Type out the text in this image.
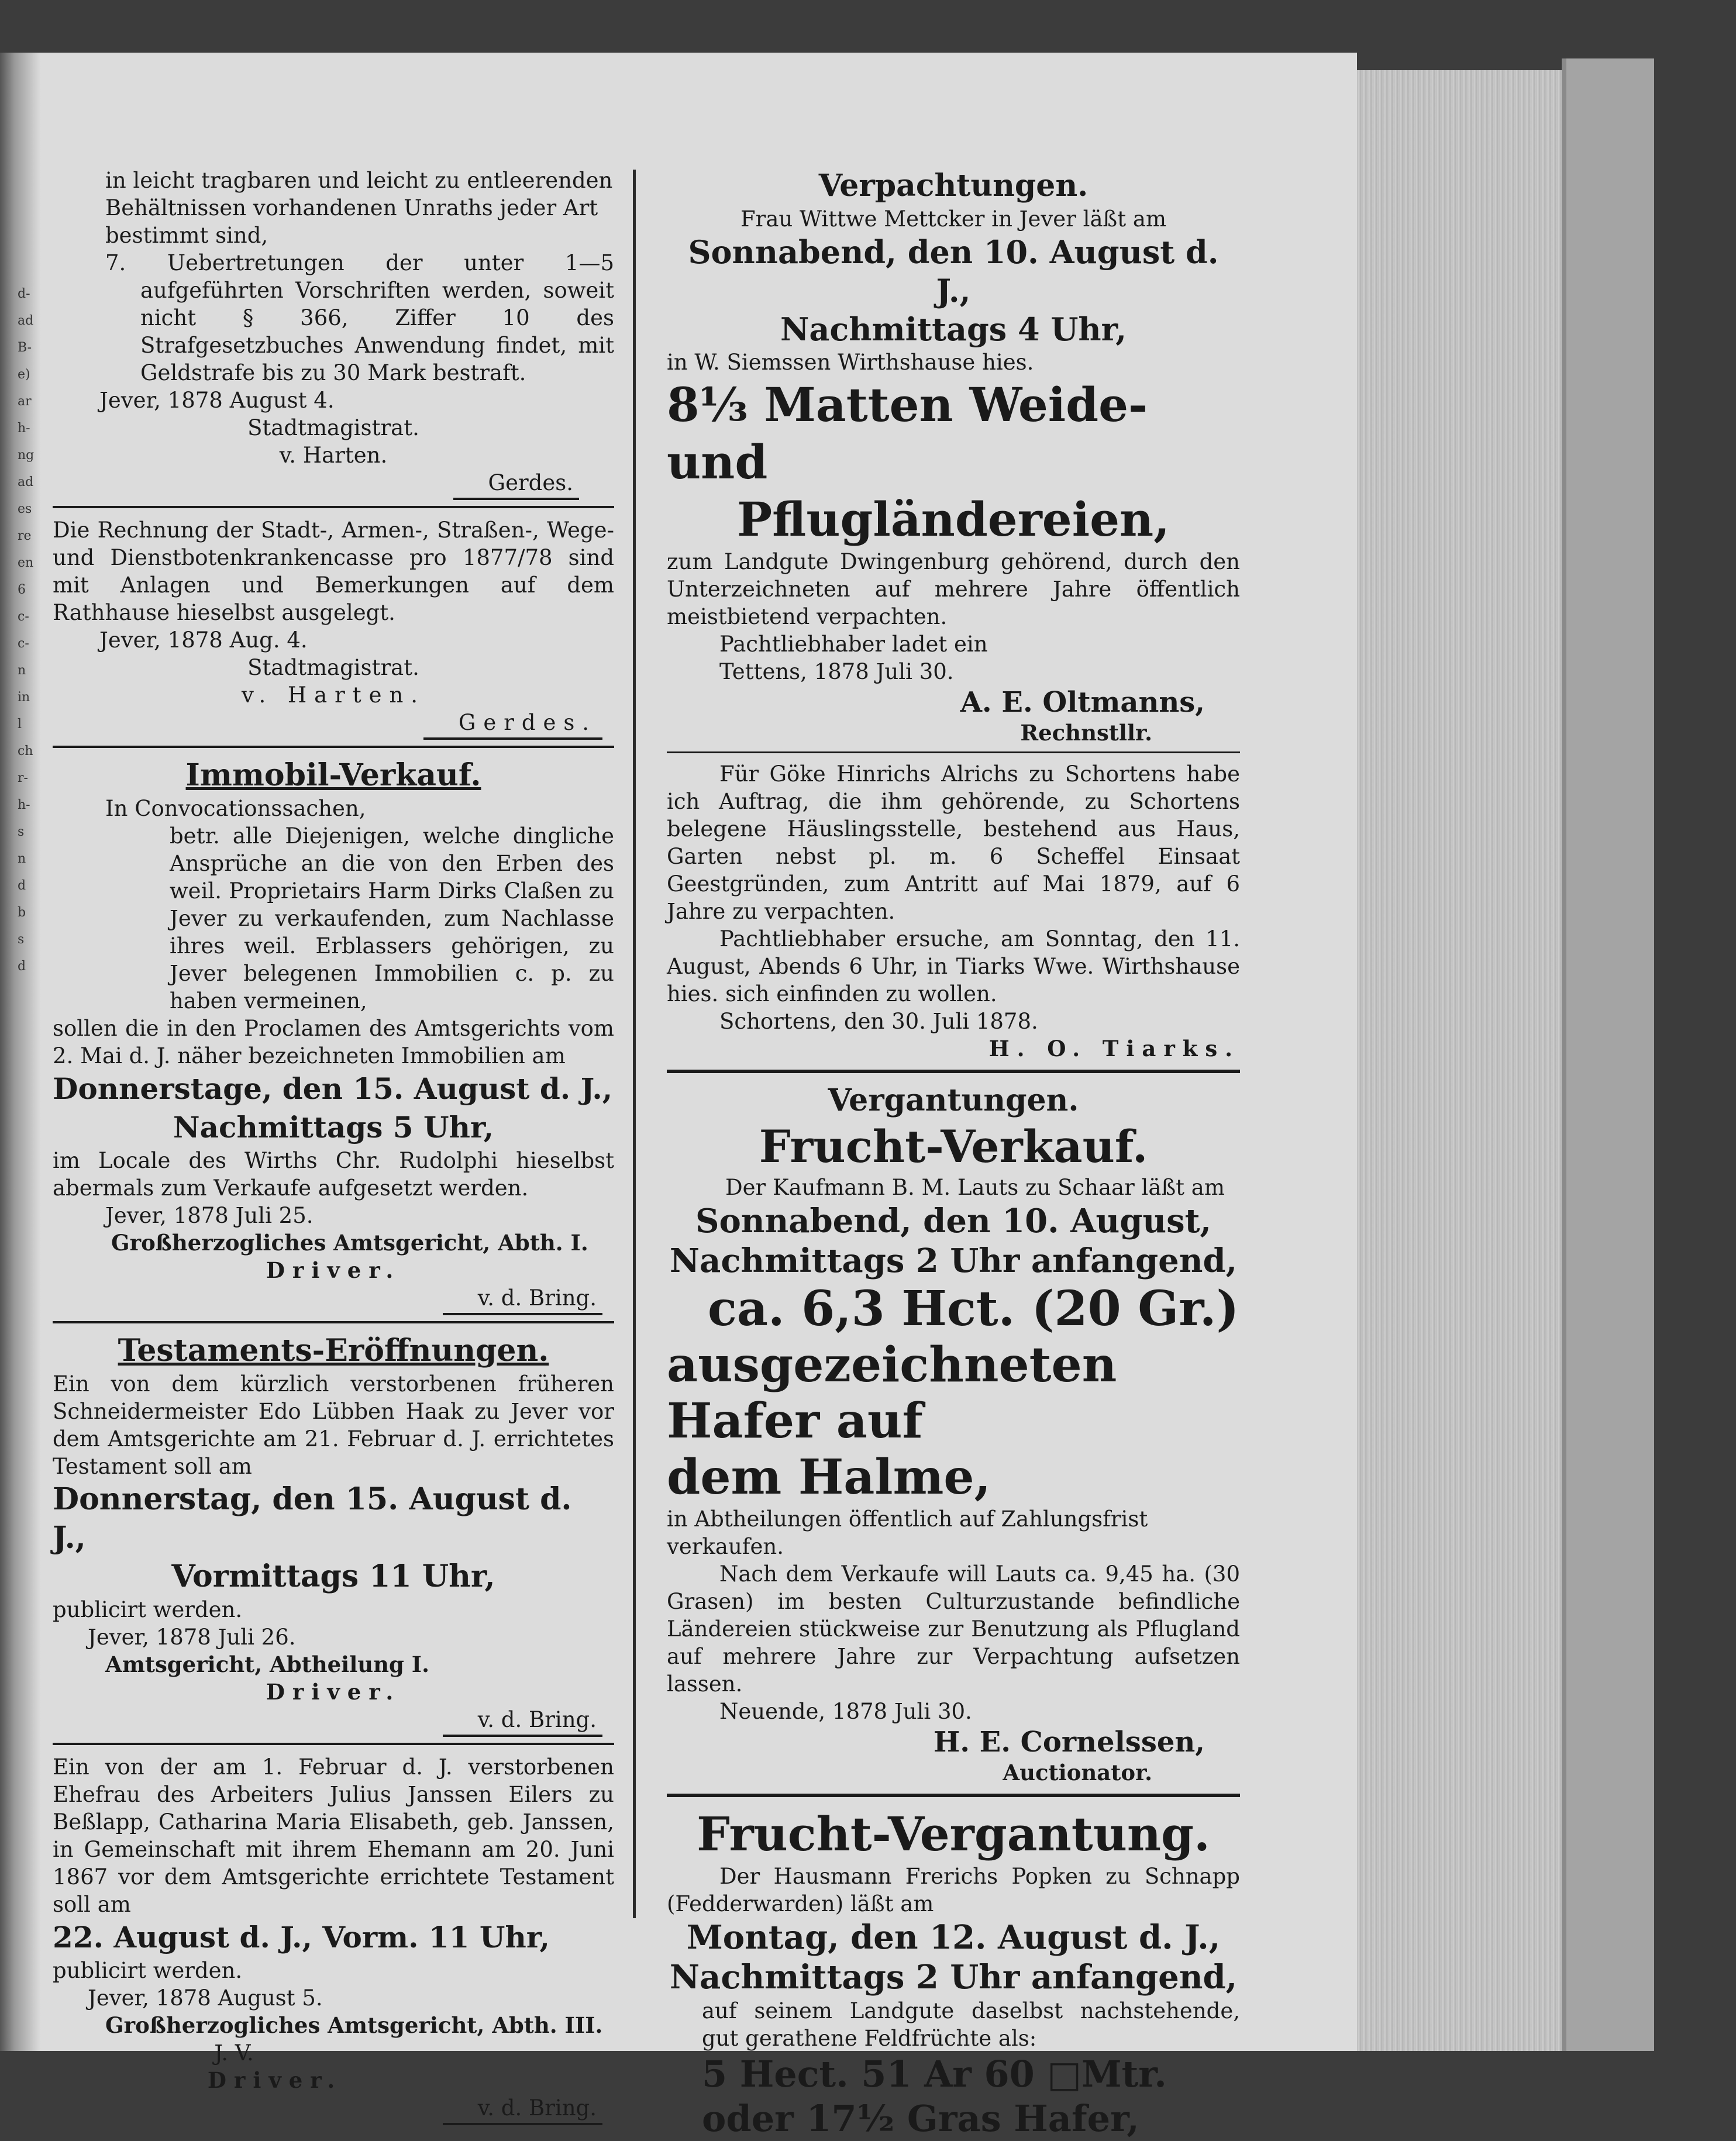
d-
ad
B-
e)
ar
h-
ng
ad
es
re
en
6
c-
c-
n
in
l
ch
r-
h-
s
n
d
b
s
d

in leicht tragbaren und leicht zu entleerenden

Behältnissen vorhandenen Unraths jeder Art

bestimmt sind,

7. Uebertretungen der unter 1—5 aufgeführten Vorschriften werden, soweit nicht § 366, Ziffer 10 des Strafgesetzbuches Anwendung findet, mit Geldstrafe bis zu 30 Mark bestraft.

Jever, 1878 August 4.

Stadtmagistrat.

v. Harten.

Gerdes.

Die Rechnung der Stadt-, Armen-, Straßen-, Wege- und Dienstbotenkrankencasse pro 1877/78 sind mit Anlagen und Bemerkungen auf dem Rathhause hieselbst ausgelegt.

Jever, 1878 Aug. 4.

Stadtmagistrat.

v. Harten.

Gerdes.

Immobil-Verkauf.

In Convocationssachen,

betr. alle Diejenigen, welche dingliche Ansprüche an die von den Erben des weil. Proprietairs Harm Dirks Claßen zu Jever zu verkaufenden, zum Nachlasse ihres weil. Erblassers gehörigen, zu Jever belegenen Immobilien c. p. zu haben vermeinen,

sollen die in den Proclamen des Amtsgerichts vom 2. Mai d. J. näher bezeichneten Immobilien am

Donnerstage, den 15. August d. J.,

Nachmittags 5 Uhr,

im Locale des Wirths Chr. Rudolphi hieselbst abermals zum Verkaufe aufgesetzt werden.

Jever, 1878 Juli 25.

Großherzogliches Amtsgericht, Abth. I.

Driver.

v. d. Bring.

Testaments-Eröffnungen.

Ein von dem kürzlich verstorbenen früheren Schneidermeister Edo Lübben Haak zu Jever vor dem Amtsgerichte am 21. Februar d. J. errichtetes Testament soll am

Donnerstag, den 15. August d. J.,

Vormittags 11 Uhr,

publicirt werden.

Jever, 1878 Juli 26.

Amtsgericht, Abtheilung I.

Driver.

v. d. Bring.

Ein von der am 1. Februar d. J. verstorbenen Ehefrau des Arbeiters Julius Janssen Eilers zu Beßlapp, Catharina Maria Elisabeth, geb. Janssen, in Gemeinschaft mit ihrem Ehemann am 20. Juni 1867 vor dem Amtsgerichte errichtete Testament soll am

22. August d. J., Vorm. 11 Uhr,

publicirt werden.

Jever, 1878 August 5.

Großherzogliches Amtsgericht, Abth. III.

J. V.

Driver.

v. d. Bring.

Verpachtungen.

Frau Wittwe Mettcker in Jever läßt am

Sonnabend, den 10. August d. J.,

Nachmittags 4 Uhr,

in W. Siemssen Wirthshause hies.

8⅓ Matten Weide- und

Pflugländereien,

zum Landgute Dwingenburg gehörend, durch den Unterzeichneten auf mehrere Jahre öffentlich meistbietend verpachten.

Pachtliebhaber ladet ein

Tettens, 1878 Juli 30.

A. E. Oltmanns,

Rechnstllr.

Für Göke Hinrichs Alrichs zu Schortens habe ich Auftrag, die ihm gehörende, zu Schortens belegene Häuslingsstelle, bestehend aus Haus, Garten nebst pl. m. 6 Scheffel Einsaat Geestgründen, zum Antritt auf Mai 1879, auf 6 Jahre zu verpachten.

Pachtliebhaber ersuche, am Sonntag, den 11. August, Abends 6 Uhr, in Tiarks Wwe. Wirthshause hies. sich einfinden zu wollen.

Schortens, den 30. Juli 1878.

H. O. Tiarks.

Vergantungen.

Frucht-Verkauf.

Der Kaufmann B. M. Lauts zu Schaar läßt am

Sonnabend, den 10. August,

Nachmittags 2 Uhr anfangend,

ca. 6,3 Hct. (20 Gr.)

ausgezeichneten Hafer auf

dem Halme,

in Abtheilungen öffentlich auf Zahlungsfrist verkaufen.

Nach dem Verkaufe will Lauts ca. 9,45 ha. (30 Grasen) im besten Culturzustande befindliche Ländereien stückweise zur Benutzung als Pflugland auf mehrere Jahre zur Verpachtung aufsetzen lassen.

Neuende, 1878 Juli 30.

H. E. Cornelssen,

Auctionator.

Frucht-Vergantung.

Der Hausmann Frerichs Popken zu Schnapp (Fedderwarden) läßt am

Montag, den 12. August d. J.,

Nachmittags 2 Uhr anfangend,

auf seinem Landgute daselbst nachstehende, gut gerathene Feldfrüchte als:

5 Hect. 51 Ar 60 □Mtr.

oder 17½ Gras Hafer,
